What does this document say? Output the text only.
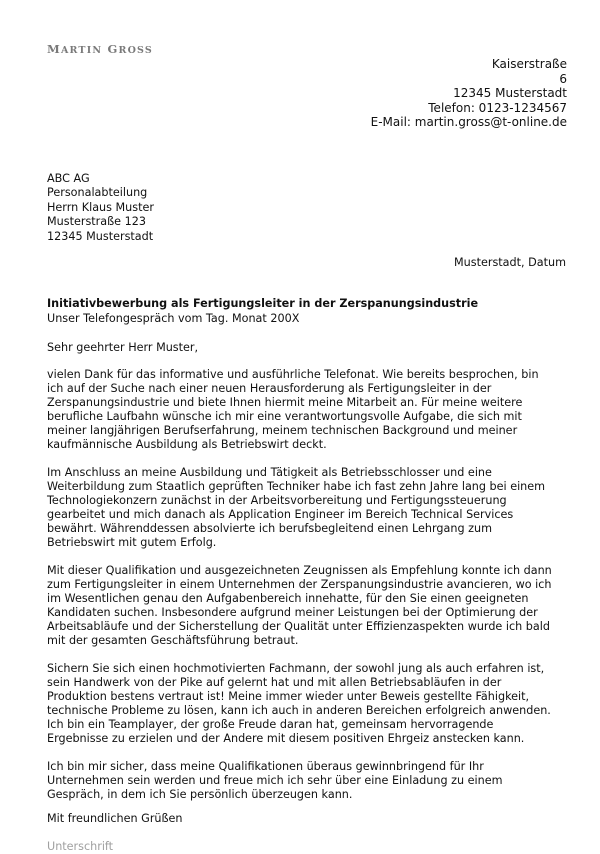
MARTIN GROSS
Kaiserstraße
6
12345 Musterstadt
Telefon: 0123-1234567
E-Mail: martin.gross@t-online.de
ABC AG
Personalabteilung
Herrn Klaus Muster
Musterstraße 123
12345 Musterstadt
Musterstadt, Datum
Initiativbewerbung als Fertigungsleiter in der Zerspanungsindustrie
Unser Telefongespräch vom Tag. Monat 200X
Sehr geehrter Herr Muster,

vielen Dank für das informative und ausführliche Telefonat. Wie bereits besprochen, bin
ich auf der Suche nach einer neuen Herausforderung als Fertigungsleiter in der
Zerspanungsindustrie und biete Ihnen hiermit meine Mitarbeit an. Für meine weitere
berufliche Laufbahn wünsche ich mir eine verantwortungsvolle Aufgabe, die sich mit
meiner langjährigen Berufserfahrung, meinem technischen Background und meiner
kaufmännische Ausbildung als Betriebswirt deckt.

Im Anschluss an meine Ausbildung und Tätigkeit als Betriebsschlosser und eine
Weiterbildung zum Staatlich geprüften Techniker habe ich fast zehn Jahre lang bei einem
Technologiekonzern zunächst in der Arbeitsvorbereitung und Fertigungssteuerung
gearbeitet und mich danach als Application Engineer im Bereich Technical Services
bewährt. Währenddessen absolvierte ich berufsbegleitend einen Lehrgang zum
Betriebswirt mit gutem Erfolg.

Mit dieser Qualifikation und ausgezeichneten Zeugnissen als Empfehlung konnte ich dann
zum Fertigungsleiter in einem Unternehmen der Zerspanungsindustrie avancieren, wo ich
im Wesentlichen genau den Aufgabenbereich innehatte, für den Sie einen geeigneten
Kandidaten suchen. Insbesondere aufgrund meiner Leistungen bei der Optimierung der
Arbeitsabläufe und der Sicherstellung der Qualität unter Effizienzaspekten wurde ich bald
mit der gesamten Geschäftsführung betraut.

Sichern Sie sich einen hochmotivierten Fachmann, der sowohl jung als auch erfahren ist,
sein Handwerk von der Pike auf gelernt hat und mit allen Betriebsabläufen in der
Produktion bestens vertraut ist! Meine immer wieder unter Beweis gestellte Fähigkeit,
technische Probleme zu lösen, kann ich auch in anderen Bereichen erfolgreich anwenden.
Ich bin ein Teamplayer, der große Freude daran hat, gemeinsam hervorragende
Ergebnisse zu erzielen und der Andere mit diesem positiven Ehrgeiz anstecken kann.

Ich bin mir sicher, dass meine Qualifikationen überaus gewinnbringend für Ihr
Unternehmen sein werden und freue mich ich sehr über eine Einladung zu einem
Gespräch, in dem ich Sie persönlich überzeugen kann.

Mit freundlichen Grüßen
Unterschrift
